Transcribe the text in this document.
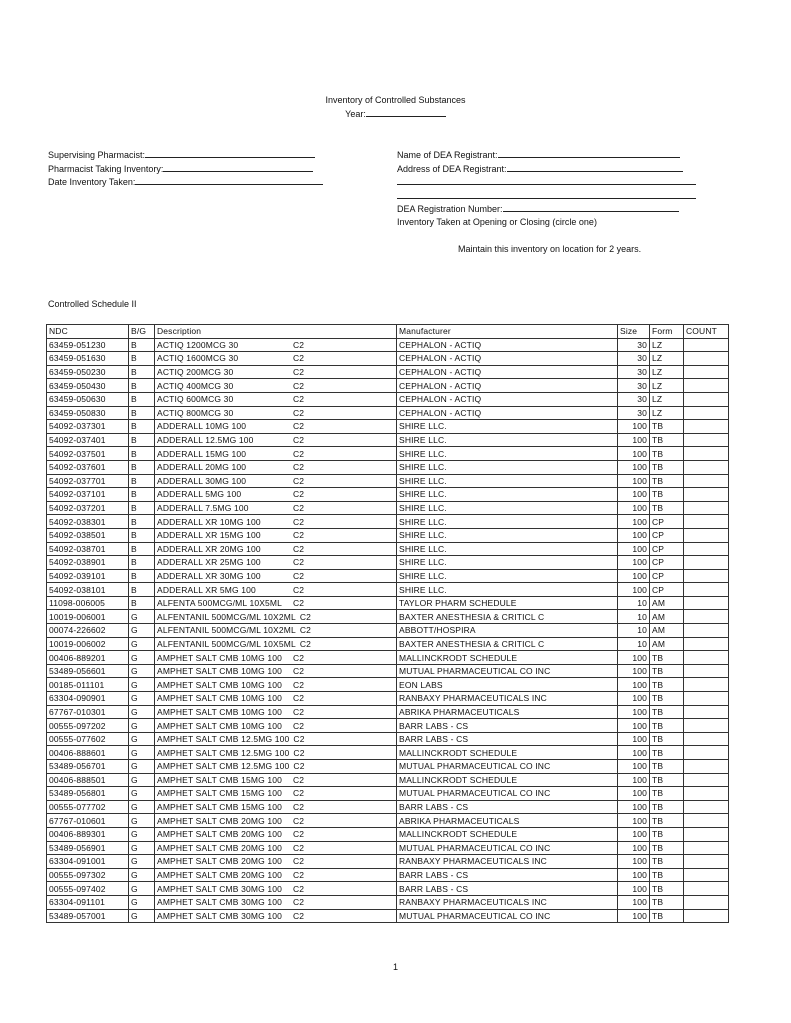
Inventory of Controlled Substances
Year:
Supervising Pharmacist:
Pharmacist Taking Inventory:
Date Inventory Taken:
Name of DEA Registrant:
Address of DEA Registrant:
DEA Registration Number:
Inventory Taken at Opening or Closing (circle one)
Maintain this inventory on location for 2 years.
Controlled Schedule II
NDC	B/G	Description	Manufacturer	Size	Form	COUNT
63459-051230	B	ACTIQ 1200MCG 30 C2	CEPHALON - ACTIQ	30	LZ	
63459-051630	B	ACTIQ 1600MCG 30 C2	CEPHALON - ACTIQ	30	LZ	
63459-050230	B	ACTIQ 200MCG 30 C2	CEPHALON - ACTIQ	30	LZ	
63459-050430	B	ACTIQ 400MCG 30 C2	CEPHALON - ACTIQ	30	LZ	
63459-050630	B	ACTIQ 600MCG 30 C2	CEPHALON - ACTIQ	30	LZ	
63459-050830	B	ACTIQ 800MCG 30 C2	CEPHALON - ACTIQ	30	LZ	
54092-037301	B	ADDERALL 10MG 100 C2	SHIRE LLC.	100	TB	
54092-037401	B	ADDERALL 12.5MG 100 C2	SHIRE LLC.	100	TB	
54092-037501	B	ADDERALL 15MG 100 C2	SHIRE LLC.	100	TB	
54092-037601	B	ADDERALL 20MG 100 C2	SHIRE LLC.	100	TB	
54092-037701	B	ADDERALL 30MG 100 C2	SHIRE LLC.	100	TB	
54092-037101	B	ADDERALL 5MG 100 C2	SHIRE LLC.	100	TB	
54092-037201	B	ADDERALL 7.5MG 100 C2	SHIRE LLC.	100	TB	
54092-038301	B	ADDERALL XR 10MG 100 C2	SHIRE LLC.	100	CP	
54092-038501	B	ADDERALL XR 15MG 100 C2	SHIRE LLC.	100	CP	
54092-038701	B	ADDERALL XR 20MG 100 C2	SHIRE LLC.	100	CP	
54092-038901	B	ADDERALL XR 25MG 100 C2	SHIRE LLC.	100	CP	
54092-039101	B	ADDERALL XR 30MG 100 C2	SHIRE LLC.	100	CP	
54092-038101	B	ADDERALL XR 5MG 100 C2	SHIRE LLC.	100	CP	
11098-006005	B	ALFENTA 500MCG/ML 10X5ML C2	TAYLOR PHARM SCHEDULE	10	AM	
10019-006001	G	ALFENTANIL 500MCG/ML 10X2ML C2	BAXTER ANESTHESIA & CRITICL C	10	AM	
00074-226602	G	ALFENTANIL 500MCG/ML 10X2ML C2	ABBOTT/HOSPIRA	10	AM	
10019-006002	G	ALFENTANIL 500MCG/ML 10X5ML C2	BAXTER ANESTHESIA & CRITICL C	10	AM	
00406-889201	G	AMPHET SALT CMB 10MG 100 C2	MALLINCKRODT SCHEDULE	100	TB	
53489-056601	G	AMPHET SALT CMB 10MG 100 C2	MUTUAL PHARMACEUTICAL CO INC	100	TB	
00185-011101	G	AMPHET SALT CMB 10MG 100 C2	EON LABS	100	TB	
63304-090901	G	AMPHET SALT CMB 10MG 100 C2	RANBAXY PHARMACEUTICALS INC	100	TB	
67767-010301	G	AMPHET SALT CMB 10MG 100 C2	ABRIKA PHARMACEUTICALS	100	TB	
00555-097202	G	AMPHET SALT CMB 10MG 100 C2	BARR LABS - CS	100	TB	
00555-077602	G	AMPHET SALT CMB 12.5MG 100 C2	BARR LABS - CS	100	TB	
00406-888601	G	AMPHET SALT CMB 12.5MG 100 C2	MALLINCKRODT SCHEDULE	100	TB	
53489-056701	G	AMPHET SALT CMB 12.5MG 100 C2	MUTUAL PHARMACEUTICAL CO INC	100	TB	
00406-888501	G	AMPHET SALT CMB 15MG 100 C2	MALLINCKRODT SCHEDULE	100	TB	
53489-056801	G	AMPHET SALT CMB 15MG 100 C2	MUTUAL PHARMACEUTICAL CO INC	100	TB	
00555-077702	G	AMPHET SALT CMB 15MG 100 C2	BARR LABS - CS	100	TB	
67767-010601	G	AMPHET SALT CMB 20MG 100 C2	ABRIKA PHARMACEUTICALS	100	TB	
00406-889301	G	AMPHET SALT CMB 20MG 100 C2	MALLINCKRODT SCHEDULE	100	TB	
53489-056901	G	AMPHET SALT CMB 20MG 100 C2	MUTUAL PHARMACEUTICAL CO INC	100	TB	
63304-091001	G	AMPHET SALT CMB 20MG 100 C2	RANBAXY PHARMACEUTICALS INC	100	TB	
00555-097302	G	AMPHET SALT CMB 20MG 100 C2	BARR LABS - CS	100	TB	
00555-097402	G	AMPHET SALT CMB 30MG 100 C2	BARR LABS - CS	100	TB	
63304-091101	G	AMPHET SALT CMB 30MG 100 C2	RANBAXY PHARMACEUTICALS INC	100	TB	
53489-057001	G	AMPHET SALT CMB 30MG 100 C2	MUTUAL PHARMACEUTICAL CO INC	100	TB	
1
